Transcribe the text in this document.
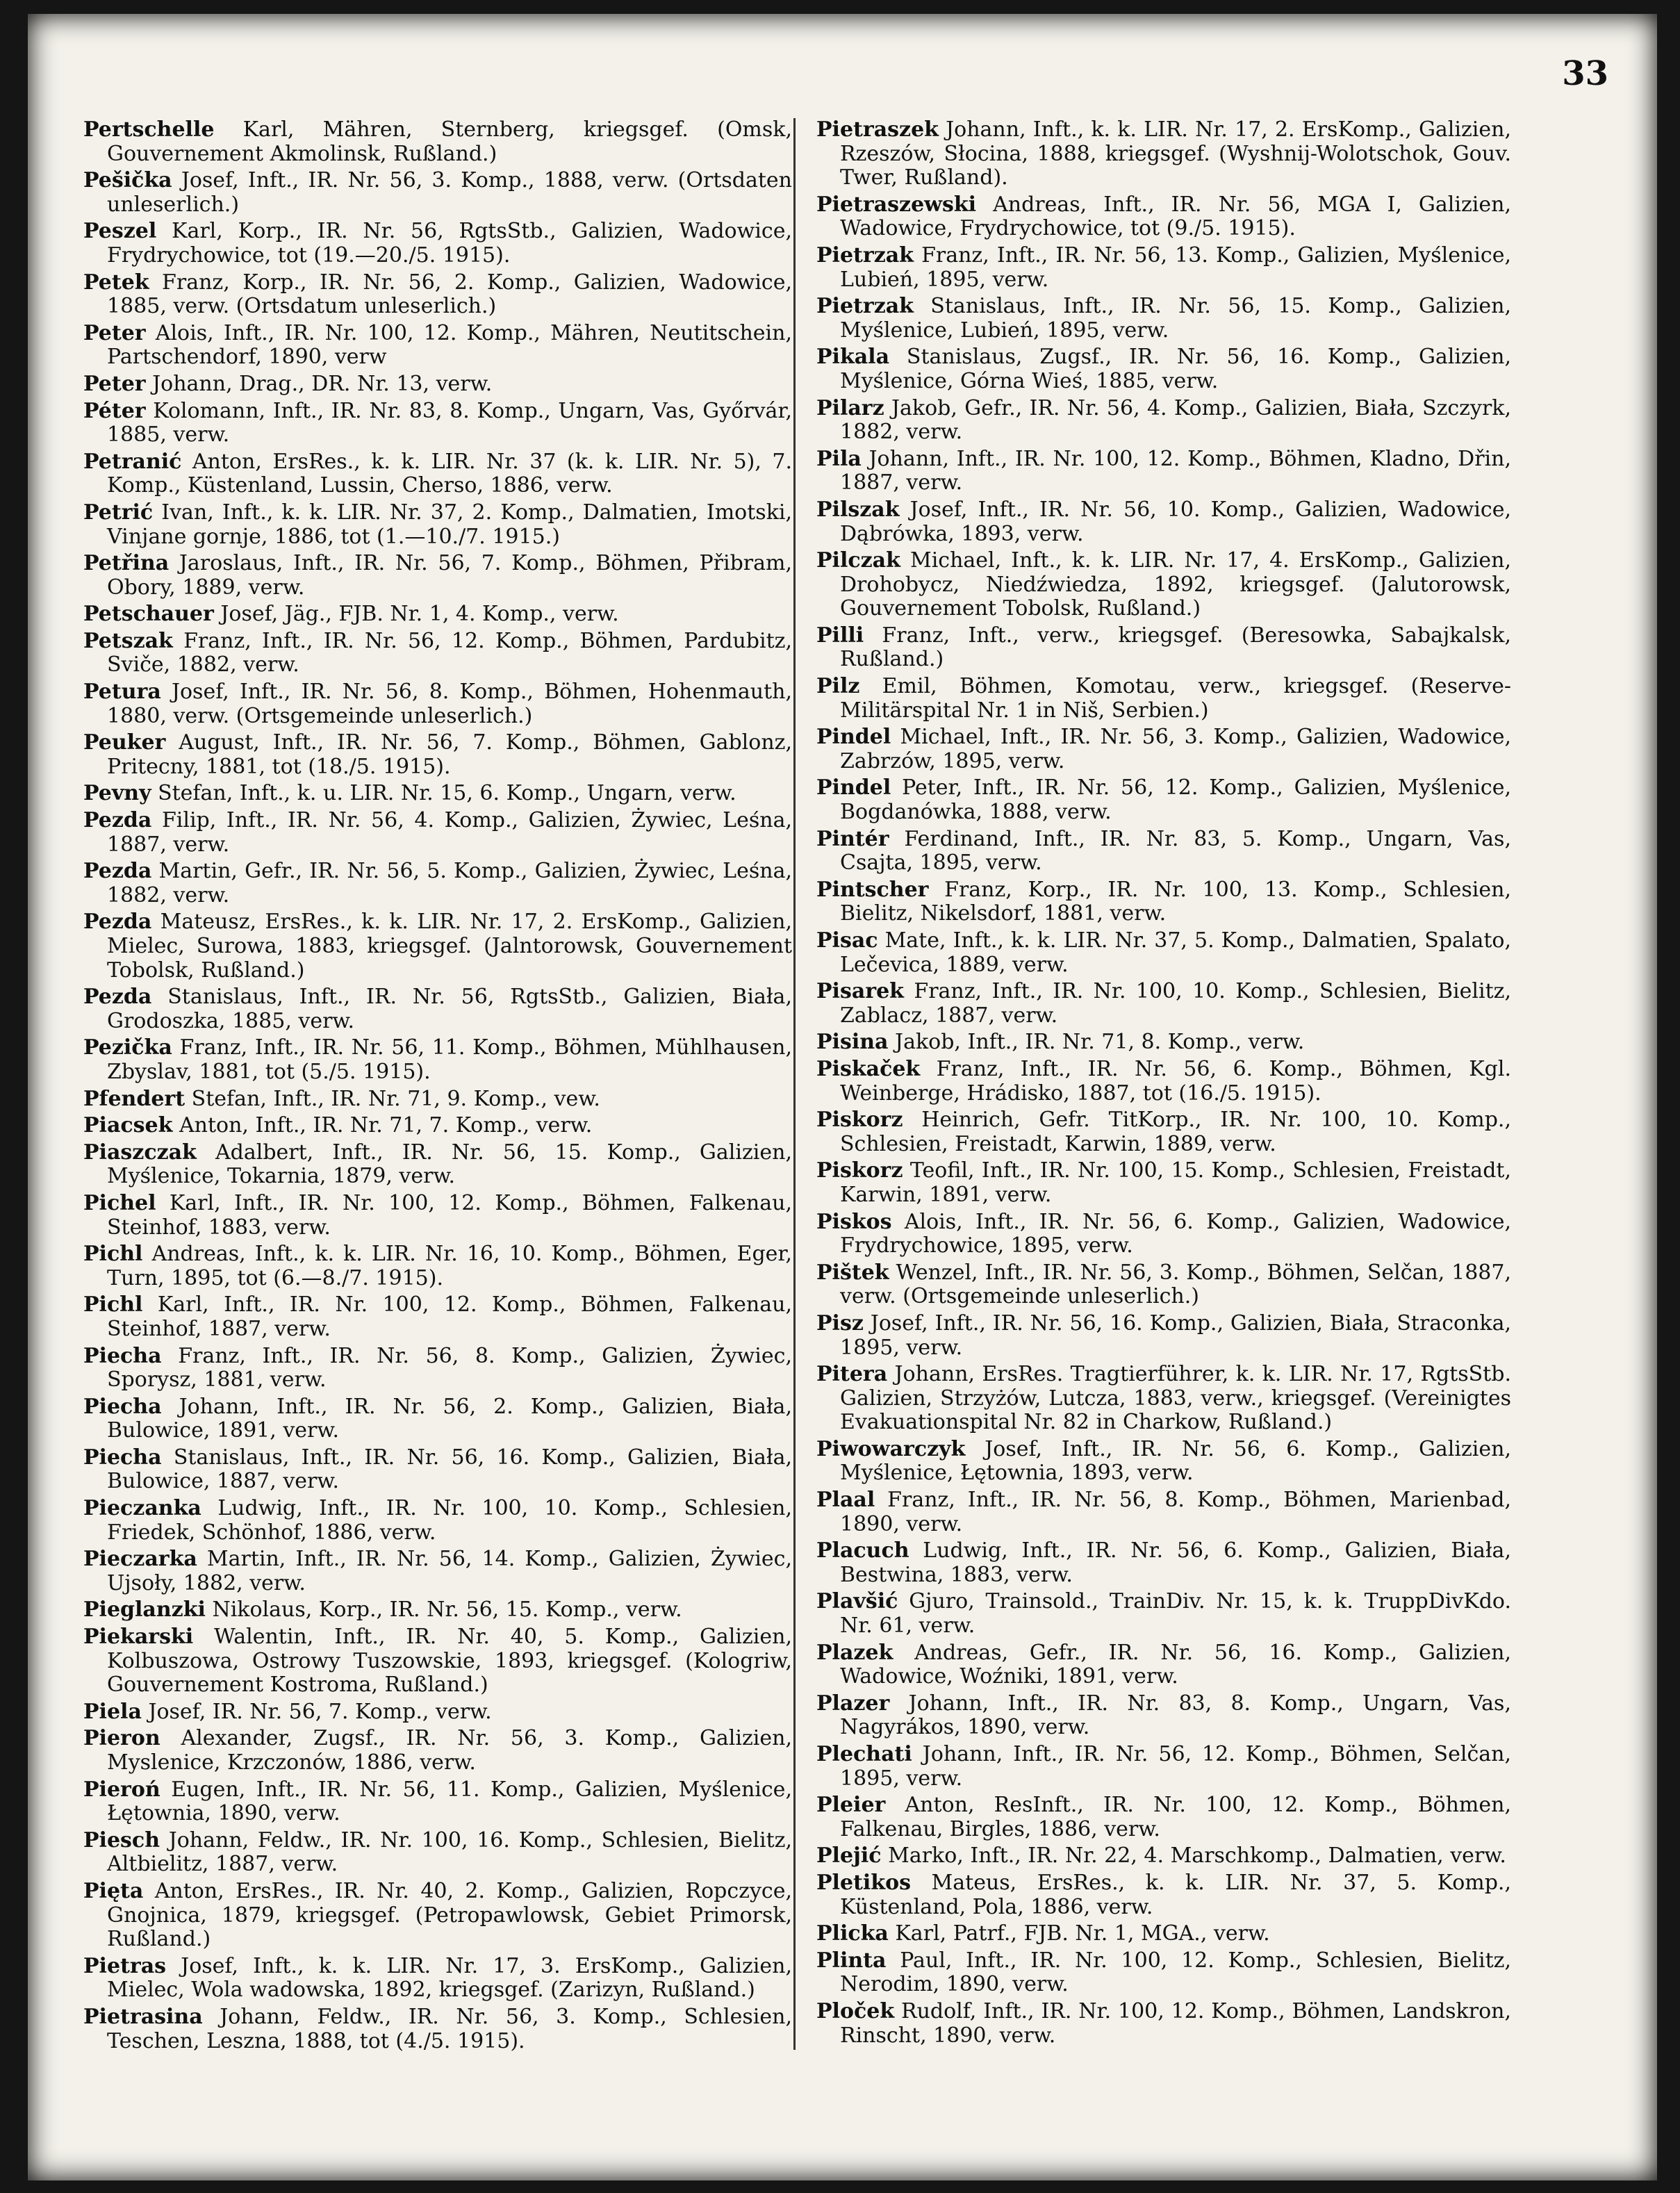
33

Pertschelle Karl, Mähren, Sternberg, kriegsgef. (Omsk, Gouvernement Akmolinsk, Rußland.)

Pešička Josef, Inft., IR. Nr. 56, 3. Komp., 1888, verw. (Ortsdaten unleserlich.)

Peszel Karl, Korp., IR. Nr. 56, RgtsStb., Galizien, Wadowice, Frydrychowice, tot (19.—20./5. 1915).

Petek Franz, Korp., IR. Nr. 56, 2. Komp., Galizien, Wadowice, 1885, verw. (Ortsdatum unleserlich.)

Peter Alois, Inft., IR. Nr. 100, 12. Komp., Mähren, Neutitschein, Partschendorf, 1890, verw

Peter Johann, Drag., DR. Nr. 13, verw.

Péter Kolomann, Inft., IR. Nr. 83, 8. Komp., Ungarn, Vas, Győrvár, 1885, verw.

Petranić Anton, ErsRes., k. k. LIR. Nr. 37 (k. k. LIR. Nr. 5), 7. Komp., Küstenland, Lussin, Cherso, 1886, verw.

Petrić Ivan, Inft., k. k. LIR. Nr. 37, 2. Komp., Dalmatien, Imotski, Vinjane gornje, 1886, tot (1.—10./7. 1915.)

Petřina Jaroslaus, Inft., IR. Nr. 56, 7. Komp., Böhmen, Přibram, Obory, 1889, verw.

Petschauer Josef, Jäg., FJB. Nr. 1, 4. Komp., verw.

Petszak Franz, Inft., IR. Nr. 56, 12. Komp., Böhmen, Pardubitz, Sviče, 1882, verw.

Petura Josef, Inft., IR. Nr. 56, 8. Komp., Böhmen, Hohenmauth, 1880, verw. (Ortsgemeinde unleserlich.)

Peuker August, Inft., IR. Nr. 56, 7. Komp., Böhmen, Gablonz, Pritecny, 1881, tot (18./5. 1915).

Pevny Stefan, Inft., k. u. LIR. Nr. 15, 6. Komp., Ungarn, verw.

Pezda Filip, Inft., IR. Nr. 56, 4. Komp., Galizien, Żywiec, Leśna, 1887, verw.

Pezda Martin, Gefr., IR. Nr. 56, 5. Komp., Galizien, Żywiec, Leśna, 1882, verw.

Pezda Mateusz, ErsRes., k. k. LIR. Nr. 17, 2. ErsKomp., Galizien, Mielec, Surowa, 1883, kriegsgef. (Jalntorowsk, Gouvernement Tobolsk, Rußland.)

Pezda Stanislaus, Inft., IR. Nr. 56, RgtsStb., Galizien, Biała, Grodoszka, 1885, verw.

Pezička Franz, Inft., IR. Nr. 56, 11. Komp., Böhmen, Mühlhausen, Zbyslav, 1881, tot (5./5. 1915).

Pfendert Stefan, Inft., IR. Nr. 71, 9. Komp., vew.

Piacsek Anton, Inft., IR. Nr. 71, 7. Komp., verw.

Piaszczak Adalbert, Inft., IR. Nr. 56, 15. Komp., Galizien, Myślenice, Tokarnia, 1879, verw.

Pichel Karl, Inft., IR. Nr. 100, 12. Komp., Böhmen, Falkenau, Steinhof, 1883, verw.

Pichl Andreas, Inft., k. k. LIR. Nr. 16, 10. Komp., Böhmen, Eger, Turn, 1895, tot (6.—8./7. 1915).

Pichl Karl, Inft., IR. Nr. 100, 12. Komp., Böhmen, Falkenau, Steinhof, 1887, verw.

Piecha Franz, Inft., IR. Nr. 56, 8. Komp., Galizien, Żywiec, Sporysz, 1881, verw.

Piecha Johann, Inft., IR. Nr. 56, 2. Komp., Galizien, Biała, Bulowice, 1891, verw.

Piecha Stanislaus, Inft., IR. Nr. 56, 16. Komp., Galizien, Biała, Bulowice, 1887, verw.

Pieczanka Ludwig, Inft., IR. Nr. 100, 10. Komp., Schlesien, Friedek, Schönhof, 1886, verw.

Pieczarka Martin, Inft., IR. Nr. 56, 14. Komp., Galizien, Żywiec, Ujsoły, 1882, verw.

Pieglanzki Nikolaus, Korp., IR. Nr. 56, 15. Komp., verw.

Piekarski Walentin, Inft., IR. Nr. 40, 5. Komp., Galizien, Kolbuszowa, Ostrowy Tuszowskie, 1893, kriegsgef. (Kologriw, Gouvernement Kostroma, Rußland.)

Piela Josef, IR. Nr. 56, 7. Komp., verw.

Pieron Alexander, Zugsf., IR. Nr. 56, 3. Komp., Galizien, Myslenice, Krzczonów, 1886, verw.

Pieroń Eugen, Inft., IR. Nr. 56, 11. Komp., Galizien, Myślenice, Łętownia, 1890, verw.

Piesch Johann, Feldw., IR. Nr. 100, 16. Komp., Schlesien, Bielitz, Altbielitz, 1887, verw.

Pięta Anton, ErsRes., IR. Nr. 40, 2. Komp., Galizien, Ropczyce, Gnojnica, 1879, kriegsgef. (Petropawlowsk, Gebiet Primorsk, Rußland.)

Pietras Josef, Inft., k. k. LIR. Nr. 17, 3. ErsKomp., Galizien, Mielec, Wola wadowska, 1892, kriegsgef. (Zarizyn, Rußland.)

Pietrasina Johann, Feldw., IR. Nr. 56, 3. Komp., Schlesien, Teschen, Leszna, 1888, tot (4./5. 1915).

Pietraszek Johann, Inft., k. k. LIR. Nr. 17, 2. ErsKomp., Galizien, Rzeszów, Słocina, 1888, kriegsgef. (Wyshnij-Wolotschok, Gouv. Twer, Rußland).

Pietraszewski Andreas, Inft., IR. Nr. 56, MGA I, Galizien, Wadowice, Frydrychowice, tot (9./5. 1915).

Pietrzak Franz, Inft., IR. Nr. 56, 13. Komp., Galizien, Myślenice, Lubień, 1895, verw.

Pietrzak Stanislaus, Inft., IR. Nr. 56, 15. Komp., Galizien, Myślenice, Lubień, 1895, verw.

Pikala Stanislaus, Zugsf., IR. Nr. 56, 16. Komp., Galizien, Myślenice, Górna Wieś, 1885, verw.

Pilarz Jakob, Gefr., IR. Nr. 56, 4. Komp., Galizien, Biała, Szczyrk, 1882, verw.

Pila Johann, Inft., IR. Nr. 100, 12. Komp., Böhmen, Kladno, Dřin, 1887, verw.

Pilszak Josef, Inft., IR. Nr. 56, 10. Komp., Galizien, Wadowice, Dąbrówka, 1893, verw.

Pilczak Michael, Inft., k. k. LIR. Nr. 17, 4. ErsKomp., Galizien, Drohobycz, Niedźwiedza, 1892, kriegsgef. (Jalutorowsk, Gouvernement Tobolsk, Rußland.)

Pilli Franz, Inft., verw., kriegsgef. (Beresowka, Sabajkalsk, Rußland.)

Pilz Emil, Böhmen, Komotau, verw., kriegsgef. (Reserve-Militärspital Nr. 1 in Niš, Serbien.)

Pindel Michael, Inft., IR. Nr. 56, 3. Komp., Galizien, Wadowice, Zabrzów, 1895, verw.

Pindel Peter, Inft., IR. Nr. 56, 12. Komp., Galizien, Myślenice, Bogdanówka, 1888, verw.

Pintér Ferdinand, Inft., IR. Nr. 83, 5. Komp., Ungarn, Vas, Csajta, 1895, verw.

Pintscher Franz, Korp., IR. Nr. 100, 13. Komp., Schlesien, Bielitz, Nikelsdorf, 1881, verw.

Pisac Mate, Inft., k. k. LIR. Nr. 37, 5. Komp., Dalmatien, Spalato, Lečevica, 1889, verw.

Pisarek Franz, Inft., IR. Nr. 100, 10. Komp., Schlesien, Bielitz, Zablacz, 1887, verw.

Pisina Jakob, Inft., IR. Nr. 71, 8. Komp., verw.

Piskaček Franz, Inft., IR. Nr. 56, 6. Komp., Böhmen, Kgl. Weinberge, Hrádisko, 1887, tot (16./5. 1915).

Piskorz Heinrich, Gefr. TitKorp., IR. Nr. 100, 10. Komp., Schlesien, Freistadt, Karwin, 1889, verw.

Piskorz Teofil, Inft., IR. Nr. 100, 15. Komp., Schlesien, Freistadt, Karwin, 1891, verw.

Piskos Alois, Inft., IR. Nr. 56, 6. Komp., Galizien, Wadowice, Frydrychowice, 1895, verw.

Pištek Wenzel, Inft., IR. Nr. 56, 3. Komp., Böhmen, Selčan, 1887, verw. (Ortsgemeinde unleserlich.)

Pisz Josef, Inft., IR. Nr. 56, 16. Komp., Galizien, Biała, Straconka, 1895, verw.

Pitera Johann, ErsRes. Tragtierführer, k. k. LIR. Nr. 17, RgtsStb. Galizien, Strzyżów, Lutcza, 1883, verw., kriegsgef. (Vereinigtes Evakuationspital Nr. 82 in Charkow, Rußland.)

Piwowarczyk Josef, Inft., IR. Nr. 56, 6. Komp., Galizien, Myślenice, Łętownia, 1893, verw.

Plaal Franz, Inft., IR. Nr. 56, 8. Komp., Böhmen, Marienbad, 1890, verw.

Placuch Ludwig, Inft., IR. Nr. 56, 6. Komp., Galizien, Biała, Bestwina, 1883, verw.

Plavšić Gjuro, Trainsold., TrainDiv. Nr. 15, k. k. TruppDivKdo. Nr. 61, verw.

Plazek Andreas, Gefr., IR. Nr. 56, 16. Komp., Galizien, Wadowice, Woźniki, 1891, verw.

Plazer Johann, Inft., IR. Nr. 83, 8. Komp., Ungarn, Vas, Nagyrákos, 1890, verw.

Plechati Johann, Inft., IR. Nr. 56, 12. Komp., Böhmen, Selčan, 1895, verw.

Pleier Anton, ResInft., IR. Nr. 100, 12. Komp., Böhmen, Falkenau, Birgles, 1886, verw.

Plejić Marko, Inft., IR. Nr. 22, 4. Marschkomp., Dalmatien, verw.

Pletikos Mateus, ErsRes., k. k. LIR. Nr. 37, 5. Komp., Küstenland, Pola, 1886, verw.

Plicka Karl, Patrf., FJB. Nr. 1, MGA., verw.

Plinta Paul, Inft., IR. Nr. 100, 12. Komp., Schlesien, Bielitz, Nerodim, 1890, verw.

Ploček Rudolf, Inft., IR. Nr. 100, 12. Komp., Böhmen, Landskron, Rinscht, 1890, verw.
